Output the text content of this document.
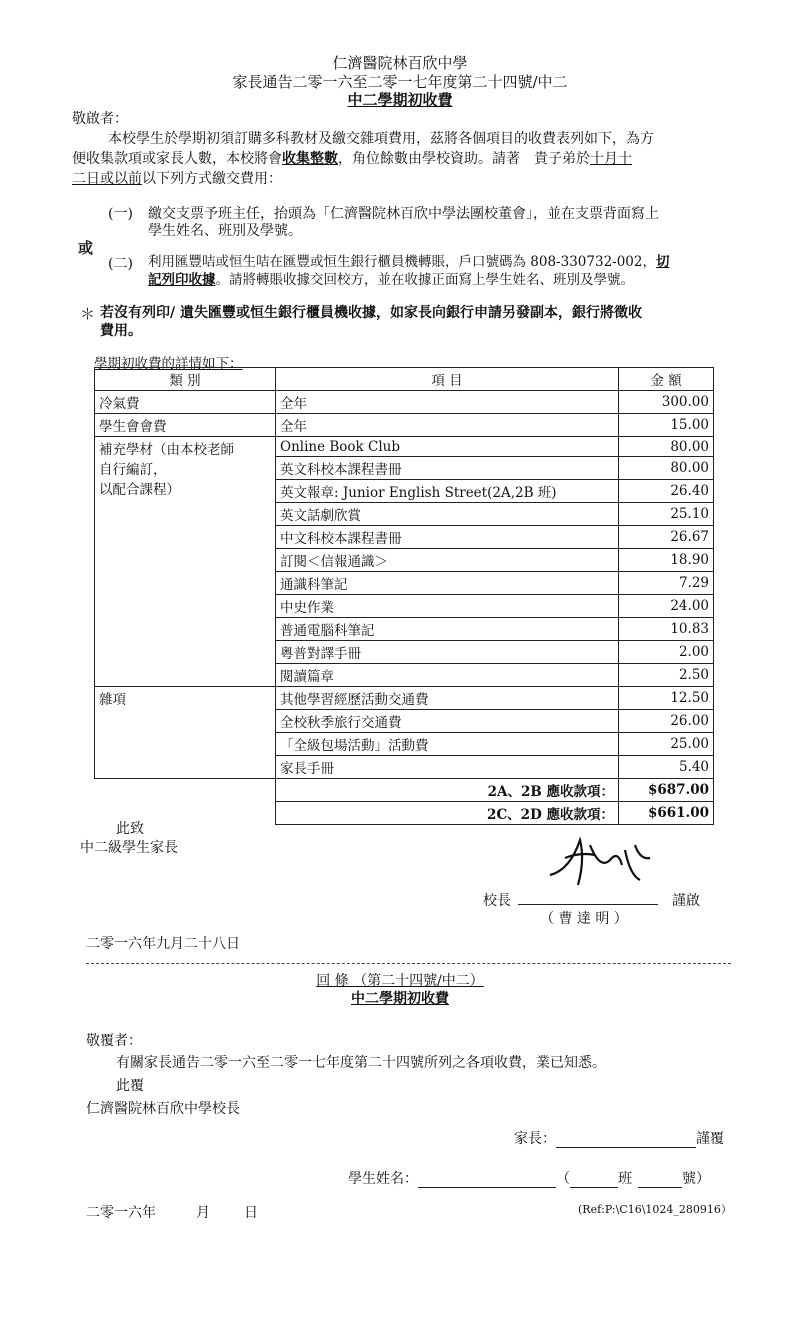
仁濟醫院林百欣中學
家長通告二零一六至二零一七年度第二十四號/中二
中二學期初收費
敬啟者：
本校學生於學期初須訂購多科教材及繳交雜項費用，茲將各個項目的收費表列如下，為方
便收集款項或家長人數，本校將會收集整數，角位餘數由學校資助。請著　貴子弟於十月十
二日或以前以下列方式繳交費用：
(一) 繳交支票予班主任，抬頭為「仁濟醫院林百欣中學法團校董會」，並在支票背面寫上
學生姓名、班別及學號。
或
(二) 利用匯豐咭或恒生咭在匯豐或恒生銀行櫃員機轉賬，戶口號碼為 808-330732-002，切
記列印收據。請將轉賬收據交回校方，並在收據正面寫上學生姓名、班別及學號。
＊ 若沒有列印/ 遺失匯豐或恒生銀行櫃員機收據，如家長向銀行申請另發副本，銀行將徵收
費用。
學期初收費的詳情如下：
類 別	項 目	金 額
冷氣費	全年	300.00
學生會會費	全年	15.00
補充學材（由本校老師
自行編訂，
以配合課程）	Online Book Club	80.00
	英文科校本課程書冊	80.00
	英文報章: Junior English Street(2A,2B 班)	26.40
	英文話劇欣賞	25.10
	中文科校本課程書冊	26.67
	訂閱＜信報通識＞	18.90
	通識科筆記	7.29
	中史作業	24.00
	普通電腦科筆記	10.83
	粵普對譯手冊	2.00
	閱讀篇章	2.50
雜項	其他學習經歷活動交通費	12.50
	全校秋季旅行交通費	26.00
	「全級包場活動」活動費	25.00
	家長手冊	5.40
	2A、2B 應收款項：	$687.00
	2C、2D 應收款項：	$661.00
此致
中二級學生家長
校長	謹啟
（ 曹 達 明 ）
二零一六年九月二十八日
回 條 （第二十四號/中二）
中二學期初收費
敬覆者：
有關家長通告二零一六至二零一七年度第二十四號所列之各項收費，業已知悉。
此覆
仁濟醫院林百欣中學校長
家長：	謹覆
學生姓名：	（	班	號）
二零一六年	月 日	(Ref:P:\C16\1024_280916）
